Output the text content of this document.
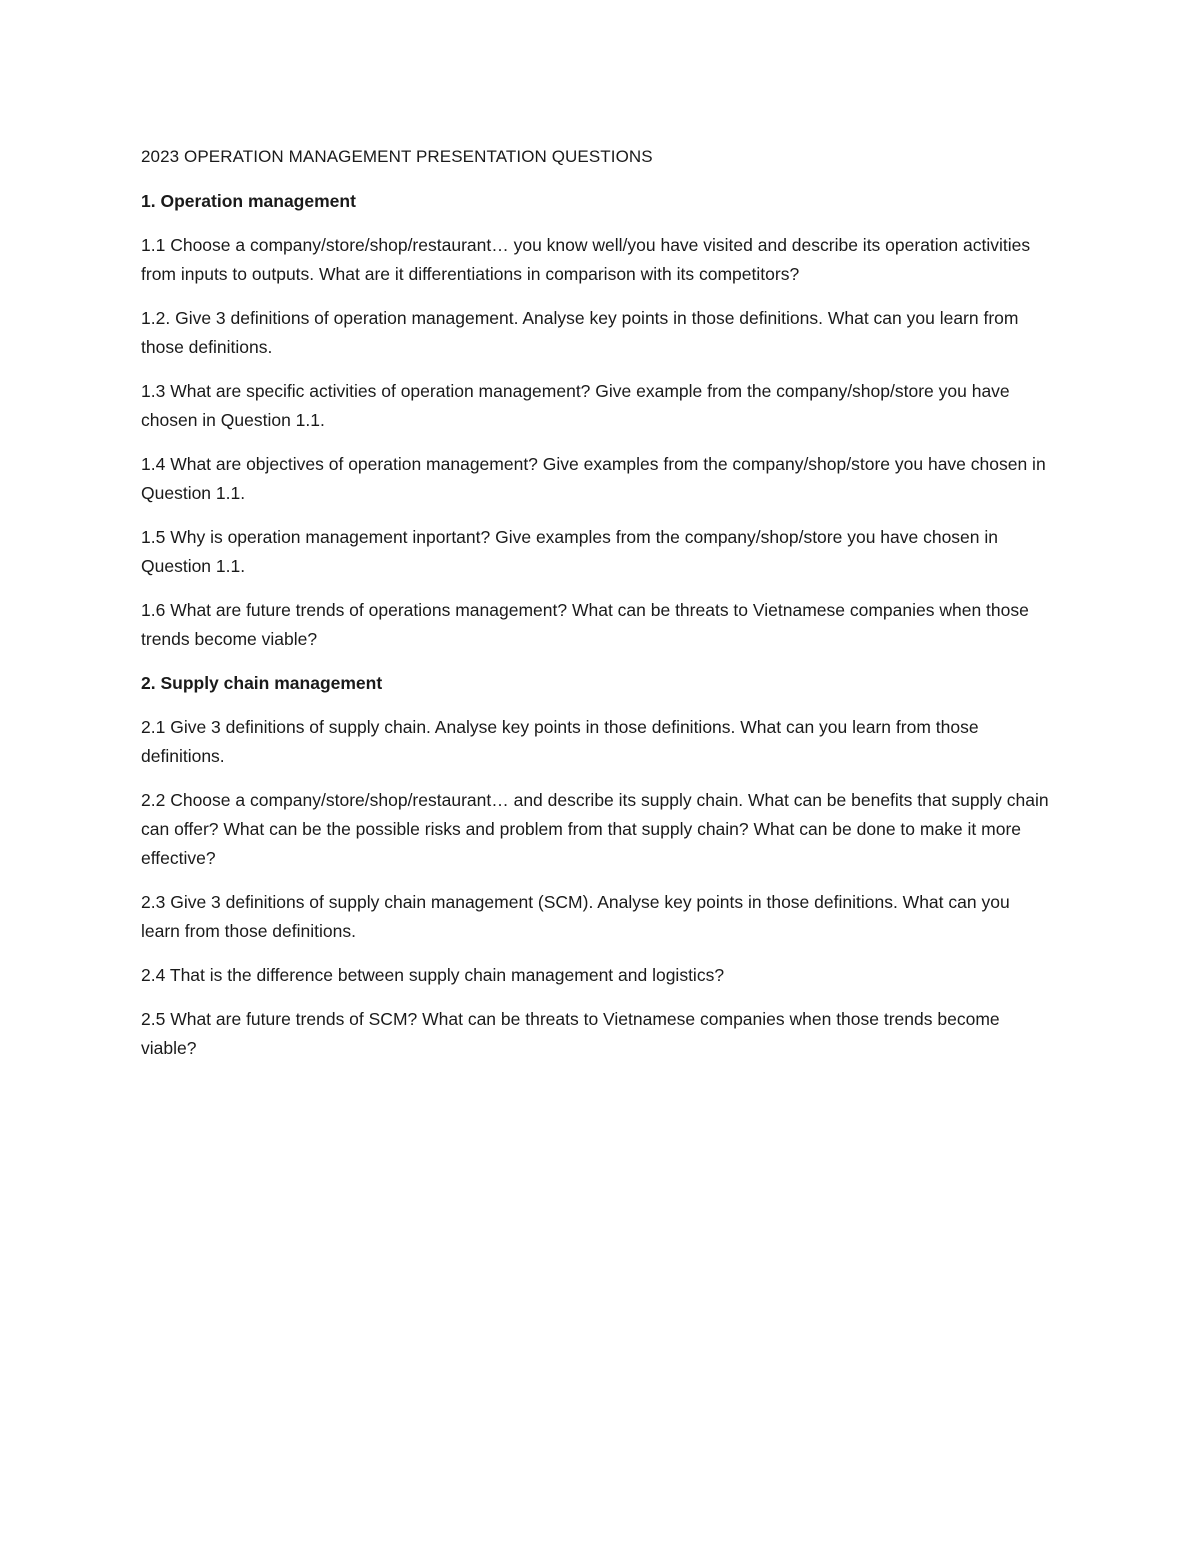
2023 OPERATION MANAGEMENT PRESENTATION QUESTIONS

1. Operation management

1.1 Choose a company/store/shop/restaurant… you know well/you have visited and describe its operation activities from inputs to outputs. What are it differentiations in comparison with its competitors?

1.2. Give 3 definitions of operation management. Analyse key points in those definitions. What can you learn from those definitions.

1.3 What are specific activities of operation management? Give example from the company/shop/store you have chosen in Question 1.1.

1.4 What are objectives of operation management? Give examples from the company/shop/store you have chosen in Question 1.1.

1.5 Why is operation management inportant? Give examples from the company/shop/store you have chosen in Question 1.1.

1.6 What are future trends of operations management? What can be threats to Vietnamese companies when those trends become viable?

2. Supply chain management

2.1 Give 3 definitions of supply chain. Analyse key points in those definitions. What can you learn from those definitions.

2.2 Choose a company/store/shop/restaurant… and describe its supply chain. What can be benefits that supply chain can offer? What can be the possible risks and problem from that supply chain? What can be done to make it more effective?

2.3 Give 3 definitions of supply chain management (SCM). Analyse key points in those definitions. What can you learn from those definitions.

2.4 That is the difference between supply chain management and logistics?

2.5 What are future trends of SCM? What can be threats to Vietnamese companies when those trends become viable?
